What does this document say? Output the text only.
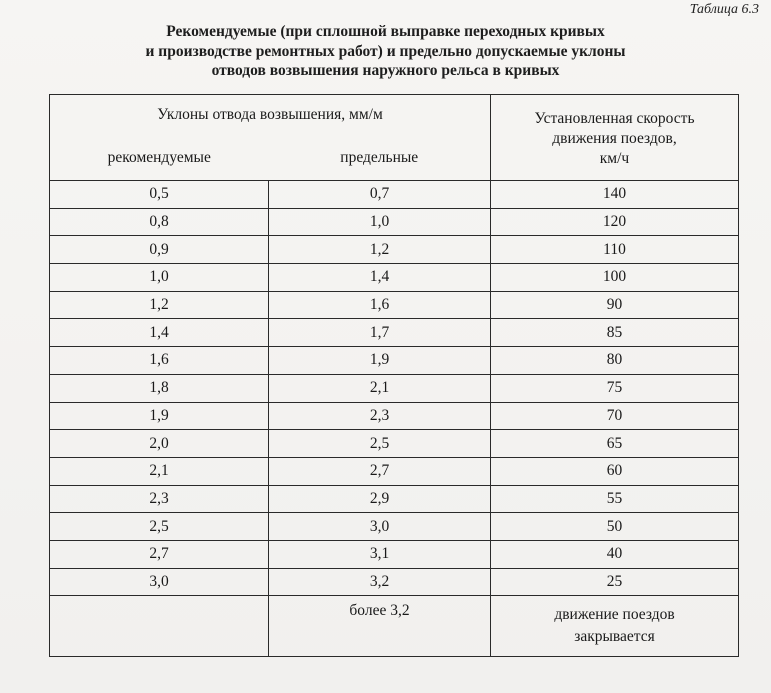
Таблица 6.3
Рекомендуемые (при сплошной выправке переходных кривых
и производстве ремонтных работ) и предельно допускаемые уклоны
отводов возвышения наружного рельса в кривых
Уклоны отвода возвышения, мм/м		Установленная скорость
движения поездов,
км/ч

рекомендуемые	предельные	
0,5	0,7	140
0,8	1,0	120
0,9	1,2	110
1,0	1,4	100
1,2	1,6	90
1,4	1,7	85
1,6	1,9	80
1,8	2,1	75
1,9	2,3	70
2,0	2,5	65
2,1	2,7	60
2,3	2,9	55
2,5	3,0	50
2,7	3,1	40
3,0	3,2	25
	более 3,2	движение поездов
закрывается
